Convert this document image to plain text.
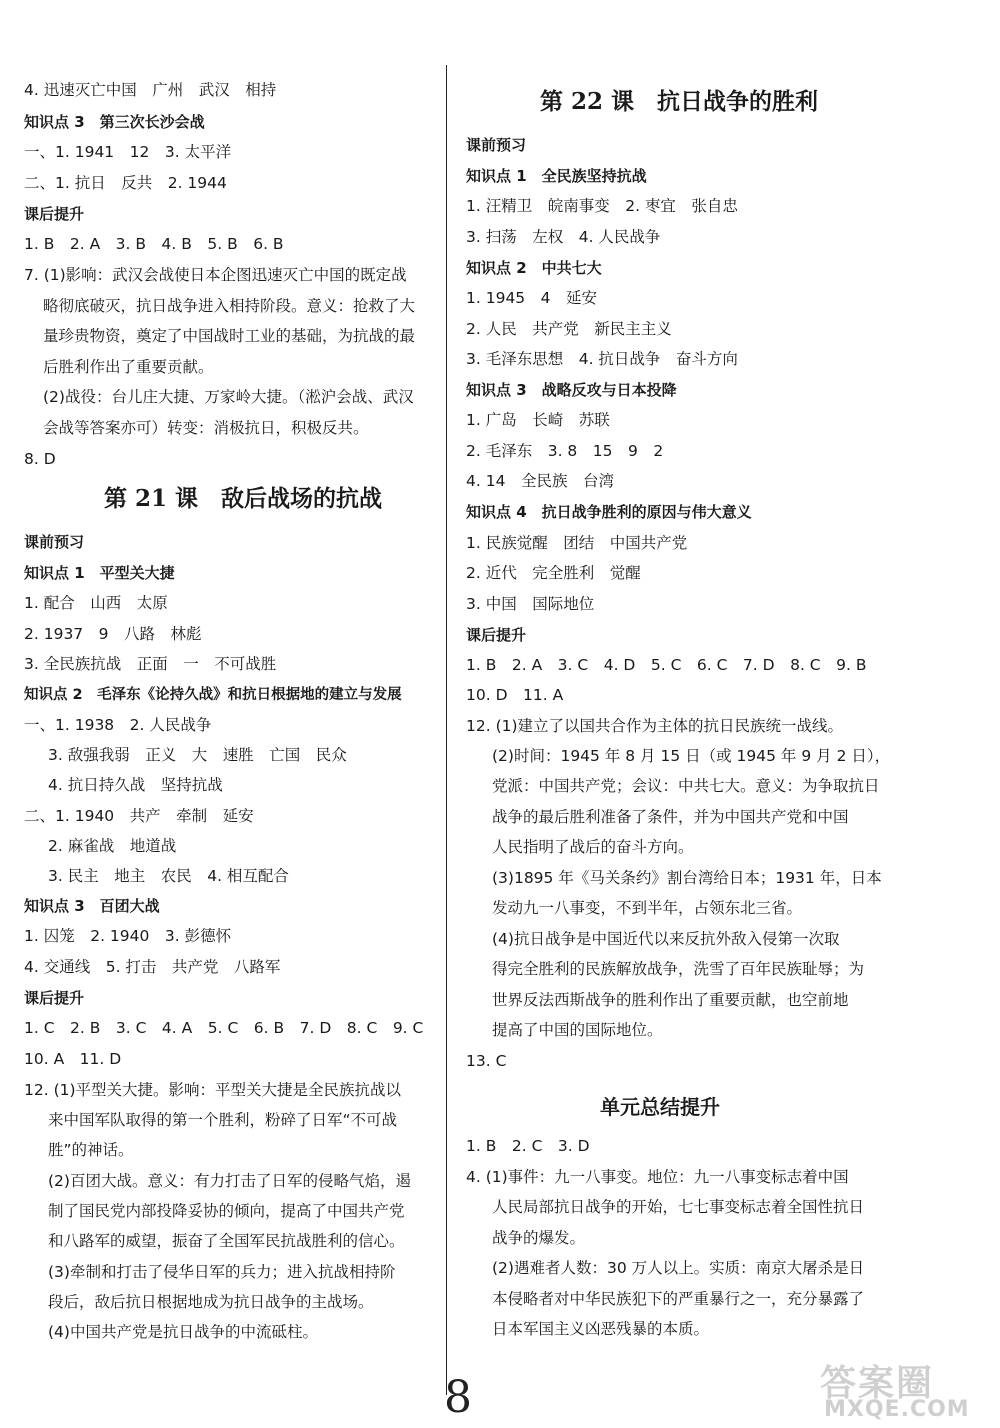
4. 迅速灭亡中国　广州　武汉　相持
知识点 3　第三次长沙会战
一、1. 1941　12　3. 太平洋
二、1. 抗日　反共　2. 1944
课后提升
1. B　2. A　3. B　4. B　5. B　6. B
7. (1)影响：武汉会战使日本企图迅速灭亡中国的既定战
略彻底破灭，抗日战争进入相持阶段。意义：抢救了大
量珍贵物资，奠定了中国战时工业的基础，为抗战的最
后胜利作出了重要贡献。
(2)战役：台儿庄大捷、万家岭大捷。（淞沪会战、武汉
会战等答案亦可）转变：消极抗日，积极反共。
8. D
第 21 课　敌后战场的抗战
课前预习
知识点 1　平型关大捷
1. 配合　山西　太原
2. 1937　9　八路　林彪
3. 全民族抗战　正面　一　不可战胜
知识点 2　毛泽东《论持久战》和抗日根据地的建立与发展
一、1. 1938　2. 人民战争
3. 敌强我弱　正义　大　速胜　亡国　民众
4. 抗日持久战　坚持抗战
二、1. 1940　共产　牵制　延安
2. 麻雀战　地道战
3. 民主　地主　农民　4. 相互配合
知识点 3　百团大战
1. 囚笼　2. 1940　3. 彭德怀
4. 交通线　5. 打击　共产党　八路军
课后提升
1. C　2. B　3. C　4. A　5. C　6. B　7. D　8. C　9. C
10. A　11. D
12. (1)平型关大捷。影响：平型关大捷是全民族抗战以
来中国军队取得的第一个胜利，粉碎了日军“不可战
胜”的神话。
(2)百团大战。意义：有力打击了日军的侵略气焰，遏
制了国民党内部投降妥协的倾向，提高了中国共产党
和八路军的威望，振奋了全国军民抗战胜利的信心。
(3)牵制和打击了侵华日军的兵力；进入抗战相持阶
段后，敌后抗日根据地成为抗日战争的主战场。
(4)中国共产党是抗日战争的中流砥柱。
第 22 课　抗日战争的胜利
课前预习
知识点 1　全民族坚持抗战
1. 汪精卫　皖南事变　2. 枣宜　张自忠
3. 扫荡　左权　4. 人民战争
知识点 2　中共七大
1. 1945　4　延安
2. 人民　共产党　新民主主义
3. 毛泽东思想　4. 抗日战争　奋斗方向
知识点 3　战略反攻与日本投降
1. 广岛　长崎　苏联
2. 毛泽东　3. 8　15　9　2
4. 14　全民族　台湾
知识点 4　抗日战争胜利的原因与伟大意义
1. 民族觉醒　团结　中国共产党
2. 近代　完全胜利　觉醒
3. 中国　国际地位
课后提升
1. B　2. A　3. C　4. D　5. C　6. C　7. D　8. C　9. B
10. D　11. A
12. (1)建立了以国共合作为主体的抗日民族统一战线。
(2)时间：1945 年 8 月 15 日（或 1945 年 9 月 2 日），
党派：中国共产党；会议：中共七大。意义：为争取抗日
战争的最后胜利准备了条件，并为中国共产党和中国
人民指明了战后的奋斗方向。
(3)1895 年《马关条约》割台湾给日本；1931 年，日本
发动九一八事变，不到半年，占领东北三省。
(4)抗日战争是中国近代以来反抗外敌入侵第一次取
得完全胜利的民族解放战争，洗雪了百年民族耻辱；为
世界反法西斯战争的胜利作出了重要贡献，也空前地
提高了中国的国际地位。
13. C
单元总结提升
1. B　2. C　3. D
4. (1)事件：九一八事变。地位：九一八事变标志着中国
人民局部抗日战争的开始，七七事变标志着全国性抗日
战争的爆发。
(2)遇难者人数：30 万人以上。实质：南京大屠杀是日
本侵略者对中华民族犯下的严重暴行之一，充分暴露了
日本军国主义凶恶残暴的本质。
8	答案圈
MXQE.COM
